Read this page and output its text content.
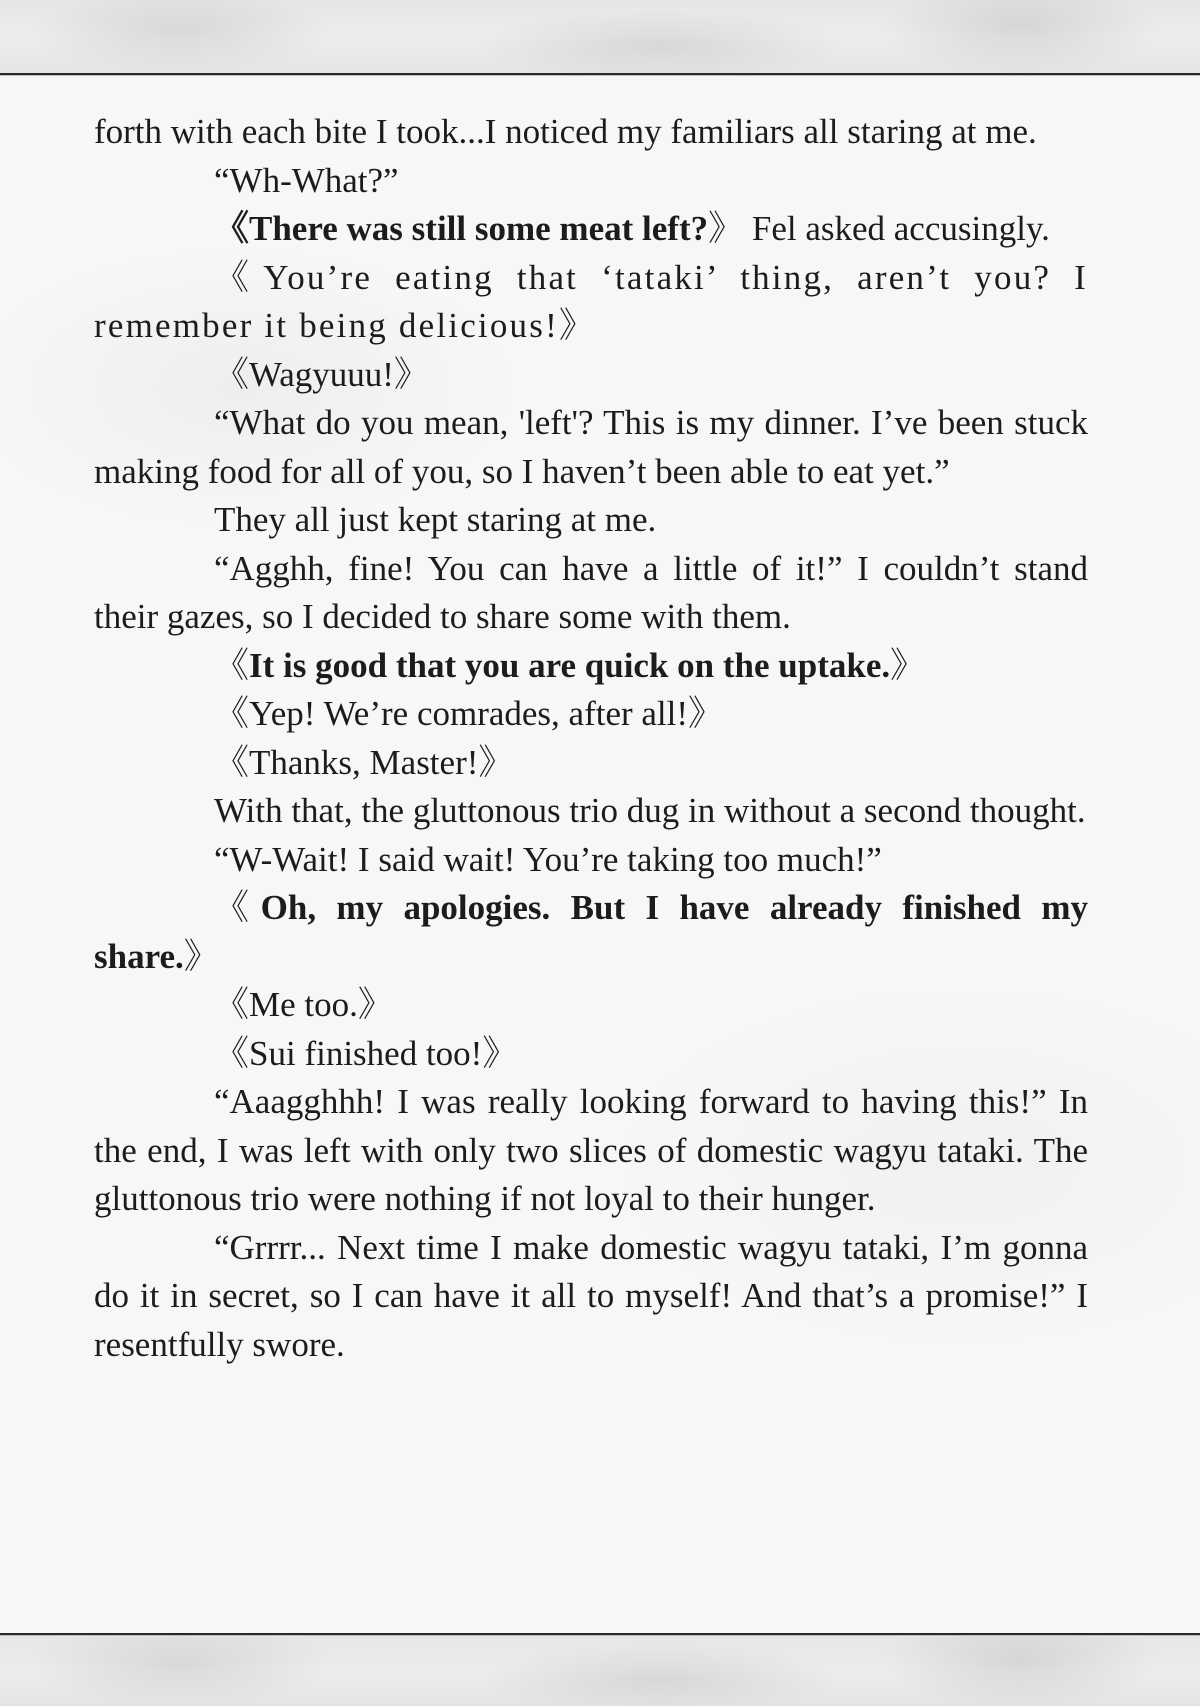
forth with each bite I took...I noticed my familiars all staring at me.

“Wh-What?”

《There was still some meat left?》 Fel asked accusingly.

《You’re eating that ‘tataki’ thing, aren’t you? I remember it being delicious!》

《Wagyuuu!》

“What do you mean, 'left'? This is my dinner. I’ve been stuck making food for all of you, so I haven’t been able to eat yet.”

They all just kept staring at me.

“Agghh, fine! You can have a little of it!” I couldn’t stand their gazes, so I decided to share some with them.

《It is good that you are quick on the uptake.》

《Yep! We’re comrades, after all!》

《Thanks, Master!》

With that, the gluttonous trio dug in without a second thought.

“W-Wait! I said wait! You’re taking too much!”

《Oh, my apologies. But I have already finished my share.》

《Me too.》

《Sui finished too!》

“Aaagghhh! I was really looking forward to having this!” In the end, I was left with only two slices of domestic wagyu tataki. The gluttonous trio were nothing if not loyal to their hunger.

“Grrrr... Next time I make domestic wagyu tataki, I’m gonna do it in secret, so I can have it all to myself! And that’s a promise!” I resentfully swore.
